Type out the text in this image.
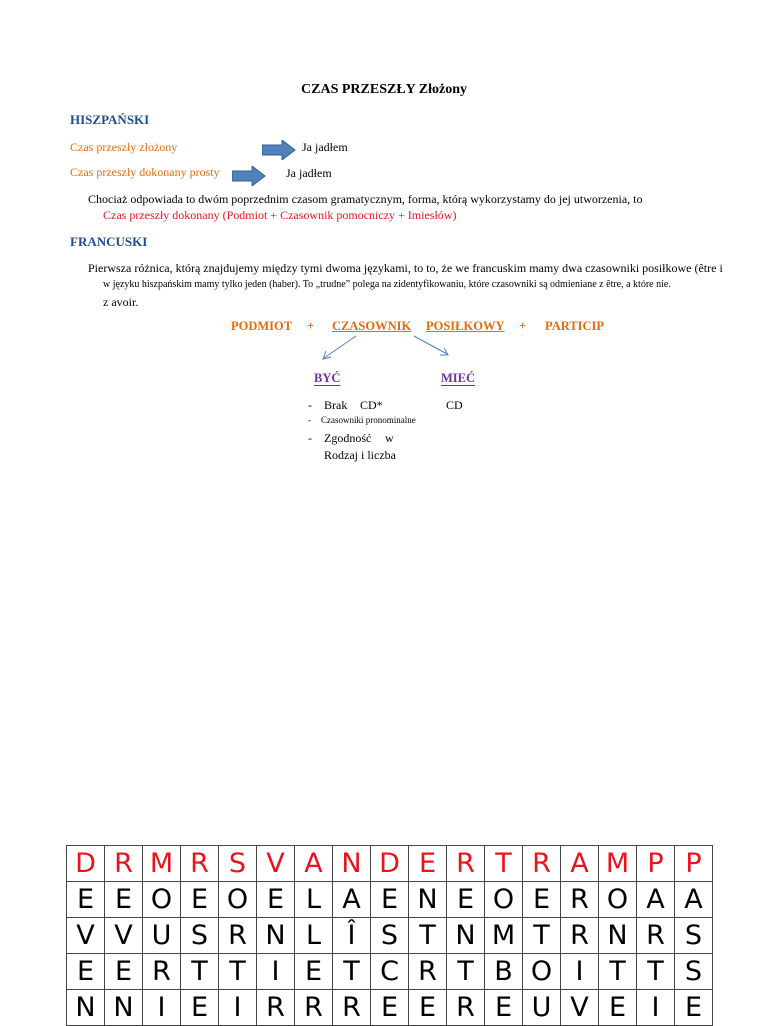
CZAS PRZESZŁY Złożony
HISZPAŃSKI
Czas przeszły złożony	Ja jadłem
Czas przeszły dokonany prosty	Ja jadłem
Chociaż odpowiada to dwóm poprzednim czasom gramatycznym, forma, którą wykorzystamy do jej utworzenia, to
Czas przeszły dokonany (Podmiot + Czasownik pomocniczy + Imiesłów)
FRANCUSKI
Pierwsza różnica, którą znajdujemy między tymi dwoma językami, to to, że we francuskim mamy dwa czasowniki posiłkowe (être i
w języku hiszpańskim mamy tylko jeden (haber). To „trudne” polega na zidentyfikowaniu, które czasowniki są odmieniane z être, a które nie.
z avoir.
PODMIOT + CZASOWNIK POSIŁKOWY + PARTICIP
BYĆ	MIEĆ
- Brak CD*	CD
- Czasowniki pronominalne
- Zgodność w
Rodzaj i liczba
D	R	M	R	S	V	A	N	D	E	R	T	R	A	M	P	P
E	E	O	E	O	E	L	A	E	N	E	O	E	R	O	A	A
V	V	U	S	R	N	L	Î	S	T	N	M	T	R	N	R	S
E	E	R	T	T	I	E	T	C	R	T	B	O	I	T	T	S
N	N	I	E	I	R	R	R	E	E	R	E	U	V	E	I	E
